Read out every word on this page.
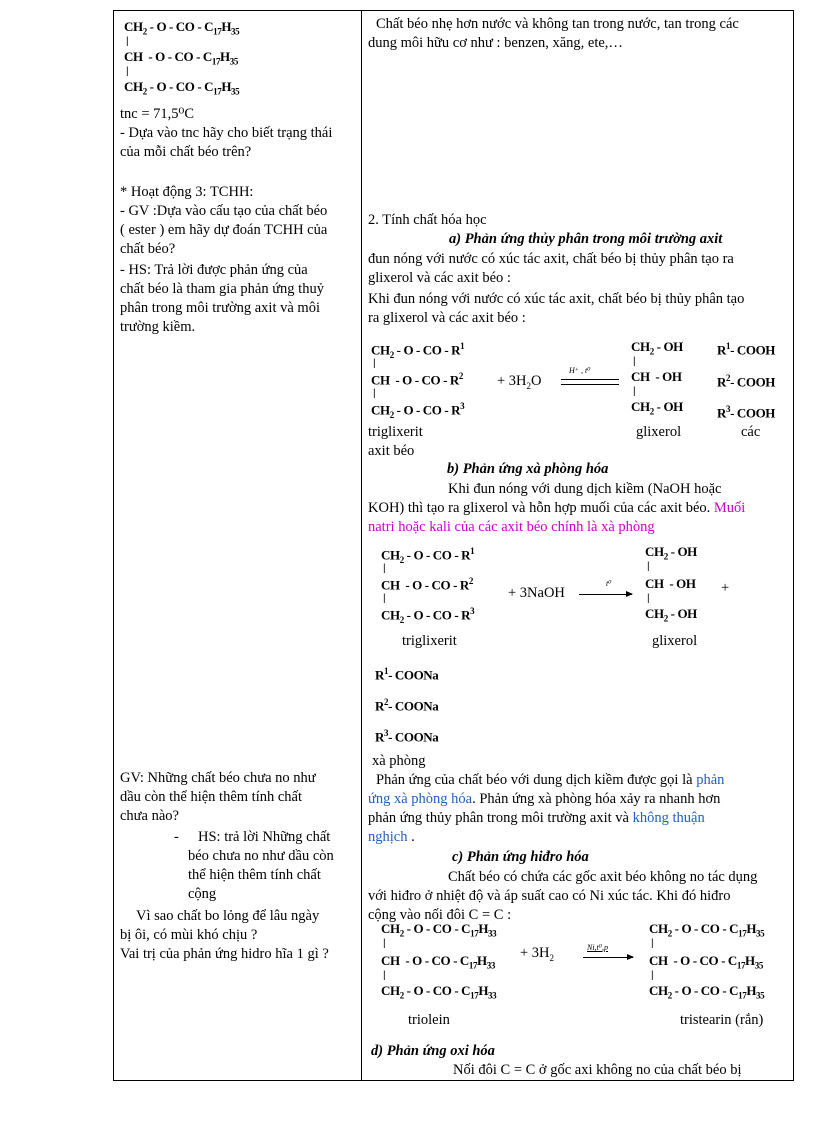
$CH_2$ - O - CO - $C_{17}H_{35}$
|
CH  - O - CO - $C_{17}H_{35}$
|
$CH_2$ - O - CO - $C_{17}H_{35}$
tnc = 71,5⁰C
- Dựa vào tnc hãy cho biết trạng thái
của mỗi chất béo trên?
* Hoạt động 3: TCHH:
- GV :Dựa vào cấu tạo của chất béo
( ester ) em hãy dự đoán TCHH của
chất béo?
- HS: Trả lời được phản ứng của
chất béo là tham gia phản ứng thuỷ
phân trong môi trường axit và môi
trường kiềm.
GV: Những chất béo chưa no như
dầu còn thể hiện thêm tính chất
chưa nào?
- HS: trả lời Những chất
béo chưa no như dầu còn
thể hiện thêm tính chất
cộng
Vì sao chất bo lỏng để lâu ngày
bị ôi, có mùi khó chịu ?
Vai trị của phản ứng hidro hĩa 1 gì ?
Chất béo nhẹ hơn nước và không tan trong nước, tan trong các
dung môi hữu cơ như : benzen, xăng, ete,…
2. Tính chất hóa học
a) Phản ứng thủy phân trong môi trường axit
đun nóng với nước có xúc tác axit, chất béo bị thủy phân tạo ra
glixerol và các axit béo :
Khi đun nóng với nước có xúc tác axit, chất béo bị thủy phân tạo
ra glixerol và các axit béo :
$CH_2$ - O - CO - $R^1$
|
CH  - O - CO - $R^2$
|
$CH_2$ - O - CO - $R^3$
+ $3H_2O$
H⁺ , t⁰
$CH_2$ - OH
|
CH  - OH
|
$CH_2$ - OH
$R^1-$ COOH
$R^2-$ COOH
$R^3-$ COOH
triglixerit	glixerol	các
axit béo
b) Phản ứng xà phòng hóa
Khi đun nóng với dung dịch kiềm (NaOH hoặc
KOH) thì tạo ra glixerol và hỗn hợp muối của các axit béo. Muối
natri hoặc kali của các axit béo chính là xà phòng
$CH_2$ - O - CO - $R^1$
|
CH  - O - CO - $R^2$
|
$CH_2$ - O - CO - $R^3$
+ 3NaOH
t⁰
$CH_2$ - OH
|
CH  - OH
|
$CH_2$ - OH
+
triglixerit	glixerol
$R^1-$ COONa
$R^2-$ COONa
$R^3-$ COONa
xà phòng
Phản ứng của chất béo với dung dịch kiềm được gọi là phản
ứng xà phòng hóa. Phản ứng xà phòng hóa xảy ra nhanh hơn
phản ứng thủy phân trong môi trường axit và không thuận
nghịch .
c) Phản ứng hiđro hóa
Chất béo có chứa các gốc axit béo không no tác dụng
với hiđro ở nhiệt độ và áp suất cao có Ni xúc tác. Khi đó hiđro
cộng vào nối đôi C = C :
$CH_2$ - O - CO - $C_{17}H_{33}$
|
CH  - O - CO - $C_{17}H_{33}$
|
$CH_2$ - O - CO - $C_{17}H_{33}$
+ $3H_2$
Ni,t⁰,p
$CH_2$ - O - CO - $C_{17}H_{35}$
|
CH  - O - CO - $C_{17}H_{35}$
|
$CH_2$ - O - CO - $C_{17}H_{35}$
triolein	tristearin (rắn)
d) Phản ứng oxi hóa
Nối đôi C = C ở gốc axi không no của chất béo bị
